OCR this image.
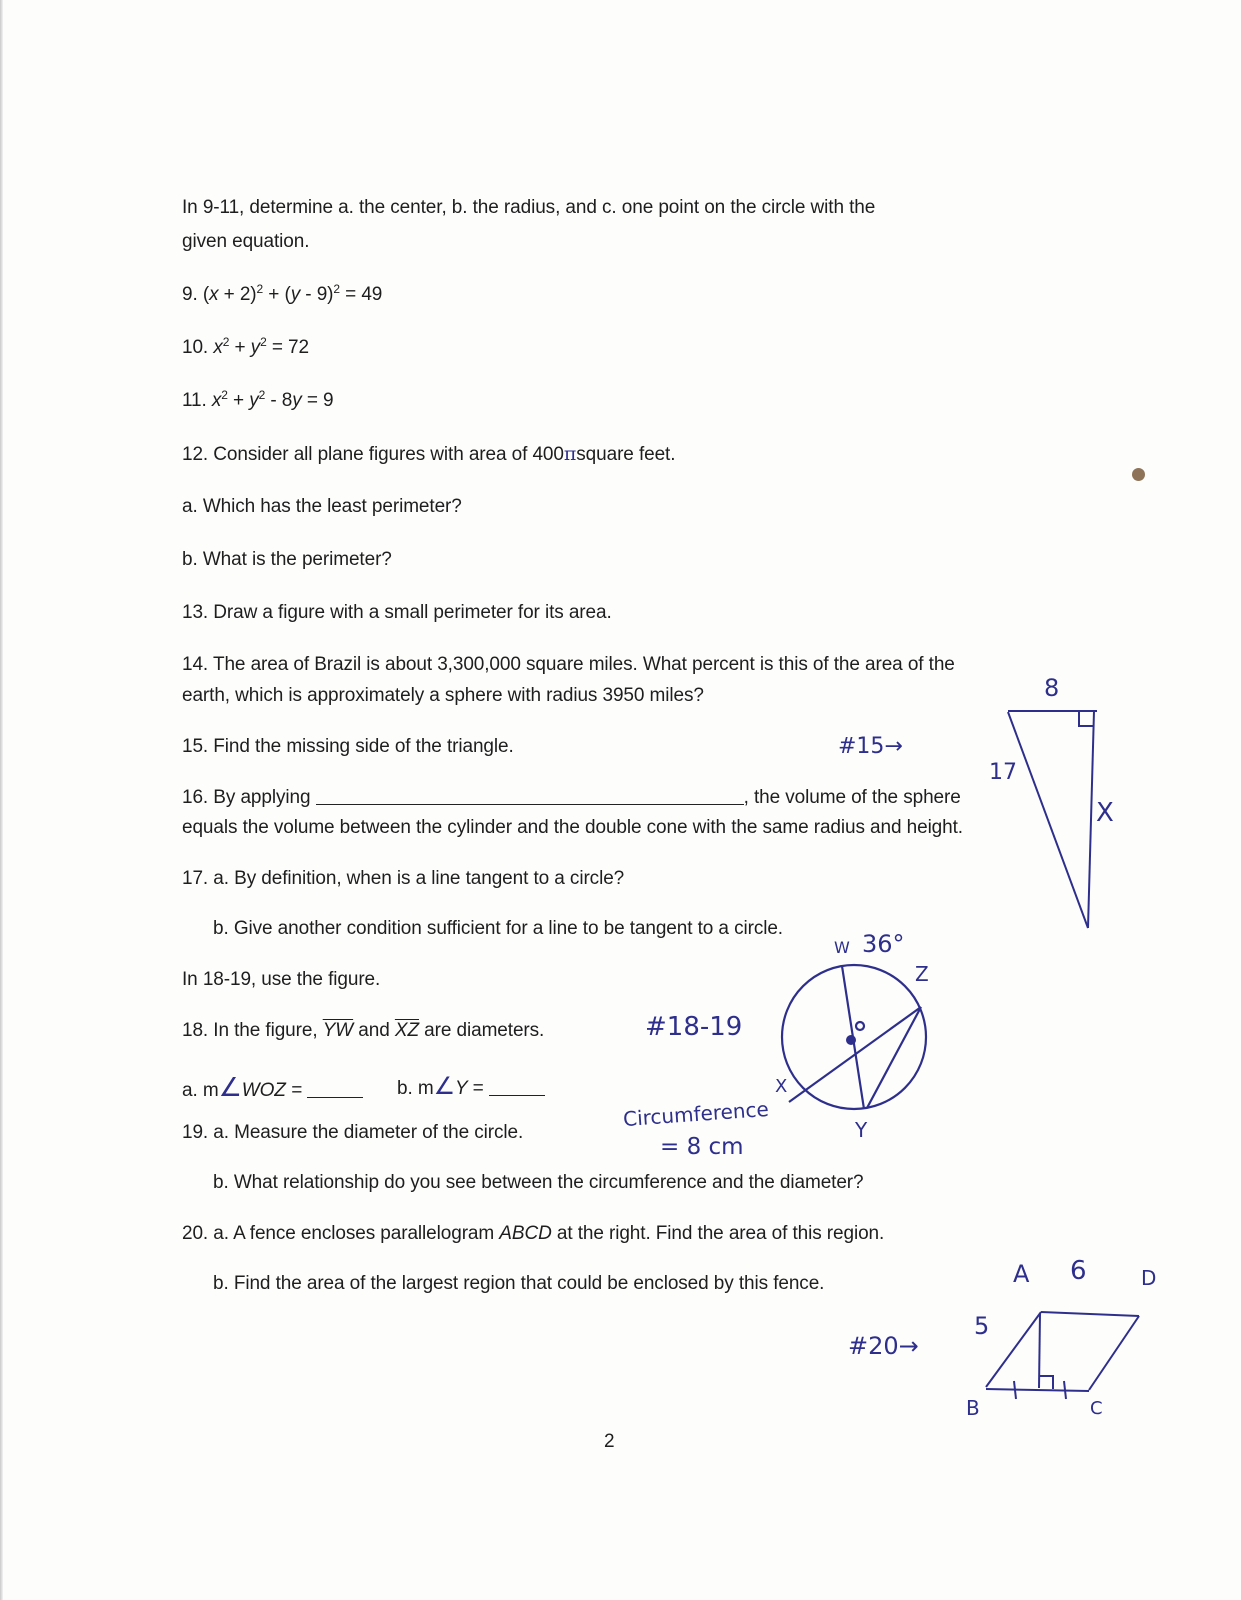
In 9-11, determine a. the center, b. the radius, and c. one point on the circle with the
given equation.
9. $(x + 2)^2 + (y - 9)^2 = 49$
10. $x^2 + y^2 = 72$
11. $x^2 + y^2 - 8y = 9$
12. Consider all plane figures with area of 400πsquare feet.
a. Which has the least perimeter?
b. What is the perimeter?
13. Draw a figure with a small perimeter for its area.
14. The area of Brazil is about 3,300,000 square miles. What percent is this of the area of the
earth, which is approximately a sphere with radius 3950 miles?
15. Find the missing side of the triangle.	#15→
16. By applying	, the volume of the sphere
equals the volume between the cylinder and the double cone with the same radius and height.
17. a. By definition, when is a line tangent to a circle?
b. Give another condition sufficient for a line to be tangent to a circle.
In 18-19, use the figure.
18. In the figure, $\overline{YW}$ and $\overline{XZ}$ are diameters.	#18-19
a. m∠WOZ =	b. m∠Y =
19. a. Measure the diameter of the circle.
Circumference
= 8 cm
b. What relationship do you see between the circumference and the diameter?
20. a. A fence encloses parallelogram ABCD at the right. Find the area of this region.
b. Find the area of the largest region that could be enclosed by this fence.
#20→
8
17
X
W 36°
Z
X
Y
A 6	D
5
B	C
2
